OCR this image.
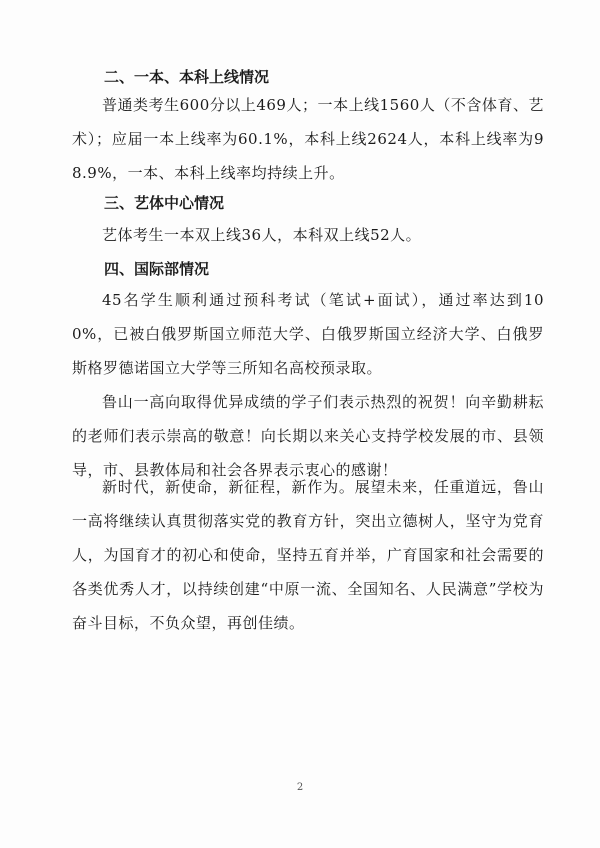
二、一本、本科上线情况
普通类考生600分以上469人；一本上线1560人（不含体育、艺术）；应届一本上线率为60.1%，本科上线2624人，本科上线率为98.9%，一本、本科上线率均持续上升。
三、艺体中心情况
艺体考生一本双上线36人，本科双上线52人。
四、国际部情况
45名学生顺利通过预科考试（笔试+面试），通过率达到100%，已被白俄罗斯国立师范大学、白俄罗斯国立经济大学、白俄罗斯格罗德诺国立大学等三所知名高校预录取。
鲁山一高向取得优异成绩的学子们表示热烈的祝贺！向辛勤耕耘的老师们表示崇高的敬意！向长期以来关心支持学校发展的市、县领导，市、县教体局和社会各界表示衷心的感谢！
新时代，新使命，新征程，新作为。展望未来，任重道远，鲁山一高将继续认真贯彻落实党的教育方针，突出立德树人，坚守为党育人，为国育才的初心和使命，坚持五育并举，广育国家和社会需要的各类优秀人才，以持续创建“中原一流、全国知名、人民满意”学校为奋斗目标，不负众望，再创佳绩。
2
